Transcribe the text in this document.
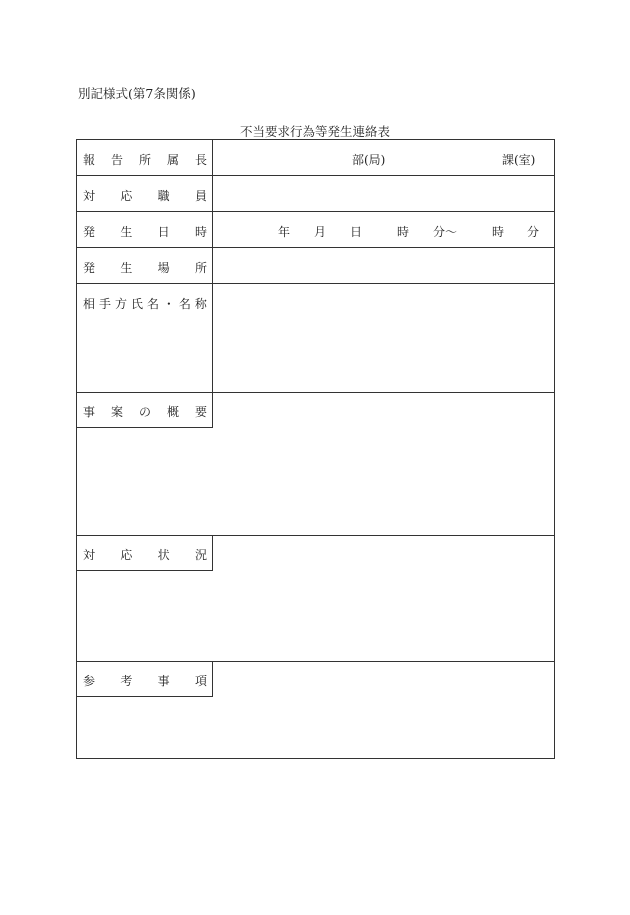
別記様式(第7条関係)
不当要求行為等発生連絡表
報 告 所 属 長	部(局)	課(室)
対 応 職 員
発 生 日 時	年 月 日	時 分〜	時 分
発 生 場 所
相 手 方 氏 名 ・ 名 称
事 案 の 概 要
対 応 状 況
参 考 事 項
